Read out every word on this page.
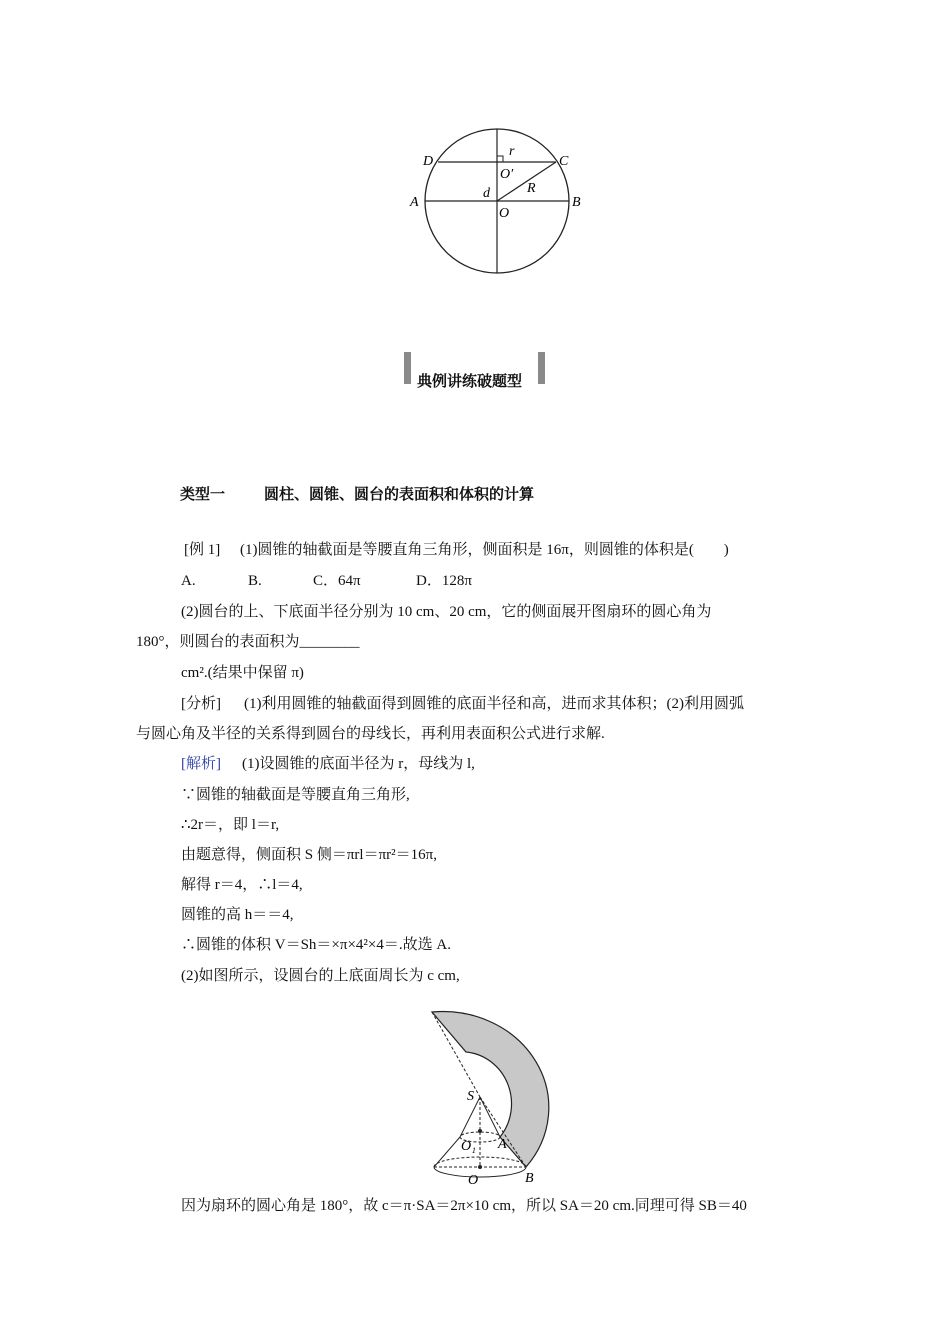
D	C
A	B
O
O′
r
d	R
典例讲练破题型
类型一	圆柱、圆锥、圆台的表面积和体积的计算
[例 1] (1)圆锥的轴截面是等腰直角三角形，侧面积是 16π，则圆锥的体积是(　　)
A.	B.	C．64π	D．128π
(2)圆台的上、下底面半径分别为 10 cm、20 cm，它的侧面展开图扇环的圆心角为
180°，则圆台的表面积为________
cm².(结果中保留 π)
[分析] (1)利用圆锥的轴截面得到圆锥的底面半径和高，进而求其体积；(2)利用圆弧
与圆心角及半径的关系得到圆台的母线长，再利用表面积公式进行求解.
[解析] (1)设圆锥的底面半径为 r，母线为 l,
∵圆锥的轴截面是等腰直角三角形,
∴2r＝，即 l＝r,
由题意得，侧面积 S 侧＝πrl＝πr²＝16π,
解得 r＝4，∴l＝4,
圆锥的高 h＝＝4,
∴圆锥的体积 V＝Sh＝×π×4²×4＝.故选 A.
(2)如图所示，设圆台的上底面周长为 c cm,
S
O₁ A
O	B
因为扇环的圆心角是 180°，故 c＝π·SA＝2π×10 cm，所以 SA＝20 cm.同理可得 SB＝40
